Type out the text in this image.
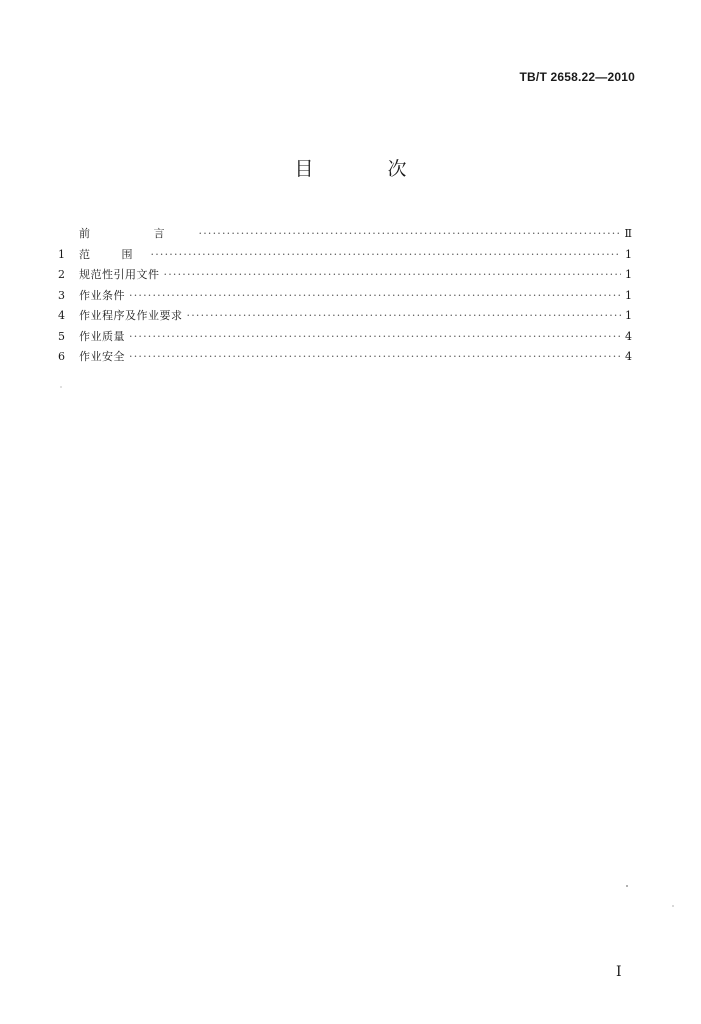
TB/T 2658.22—2010
目 次
前 言 ·····	Ⅱ
1	范 围 ·····	1
2	规范性引用文件 ·····	1
3	作业条件 ·····	1
4	作业程序及作业要求 ·····	1
5	作业质量 ·····	4
6	作业安全 ·····	4
I
